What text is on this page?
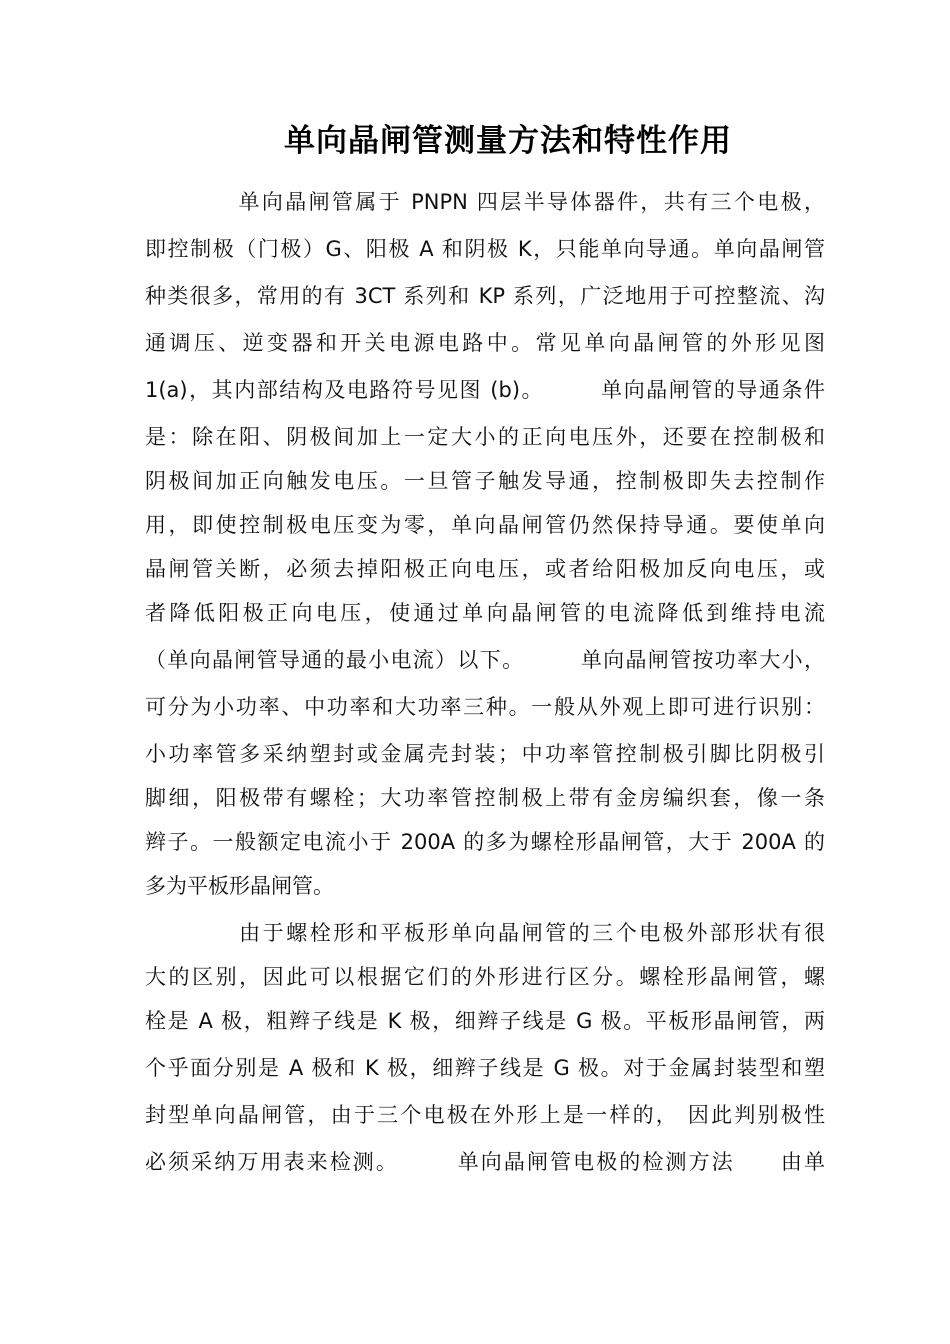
单向晶闸管测量方法和特性作用

　　　　单向晶闸管属于 PNPN 四层半导体器件，共有三个电极，

即控制极（门极）G、阳极 A 和阴极 K，只能单向导通。单向晶闸管

种类很多，常用的有 3CT 系列和 KP 系列，广泛地用于可控整流、沟

通调压、逆变器和开关电源电路中。常见单向晶闸管的外形见图

1(a)，其内部结构及电路符号见图 (b)。　　　单向晶闸管的导通条件

是：除在阳、阴极间加上一定大小的正向电压外，还要在控制极和

阴极间加正向触发电压。一旦管子触发导通，控制极即失去控制作

用，即使控制极电压变为零，单向晶闸管仍然保持导通。要使单向

晶闸管关断，必须去掉阳极正向电压，或者给阳极加反向电压，或

者降低阳极正向电压，使通过单向晶闸管的电流降低到维持电流

（单向晶闸管导通的最小电流）以下。　　　单向晶闸管按功率大小，

可分为小功率、中功率和大功率三种。一般从外观上即可进行识别：

小功率管多采纳塑封或金属壳封装；中功率管控制极引脚比阴极引

脚细，阳极带有螺栓；大功率管控制极上带有金房编织套，像一条

辫子。一般额定电流小于 200A 的多为螺栓形晶闸管，大于 200A 的

多为平板形晶闸管。

　　　　由于螺栓形和平板形单向晶闸管的三个电极外部形状有很

大的区别，因此可以根据它们的外形进行区分。螺栓形晶闸管，螺

栓是 A 极，粗辫子线是 K 极，细辫子线是 G 极。平板形晶闸管，两

个乎面分别是 A 极和 K 极，细辫子线是 G 极。对于金属封装型和塑

封型单向晶闸管，由于三个电极在外形上是一样的， 因此判别极性

必须采纳万用表来检测。　　　单向晶闸管电极的检测方法　　由单
